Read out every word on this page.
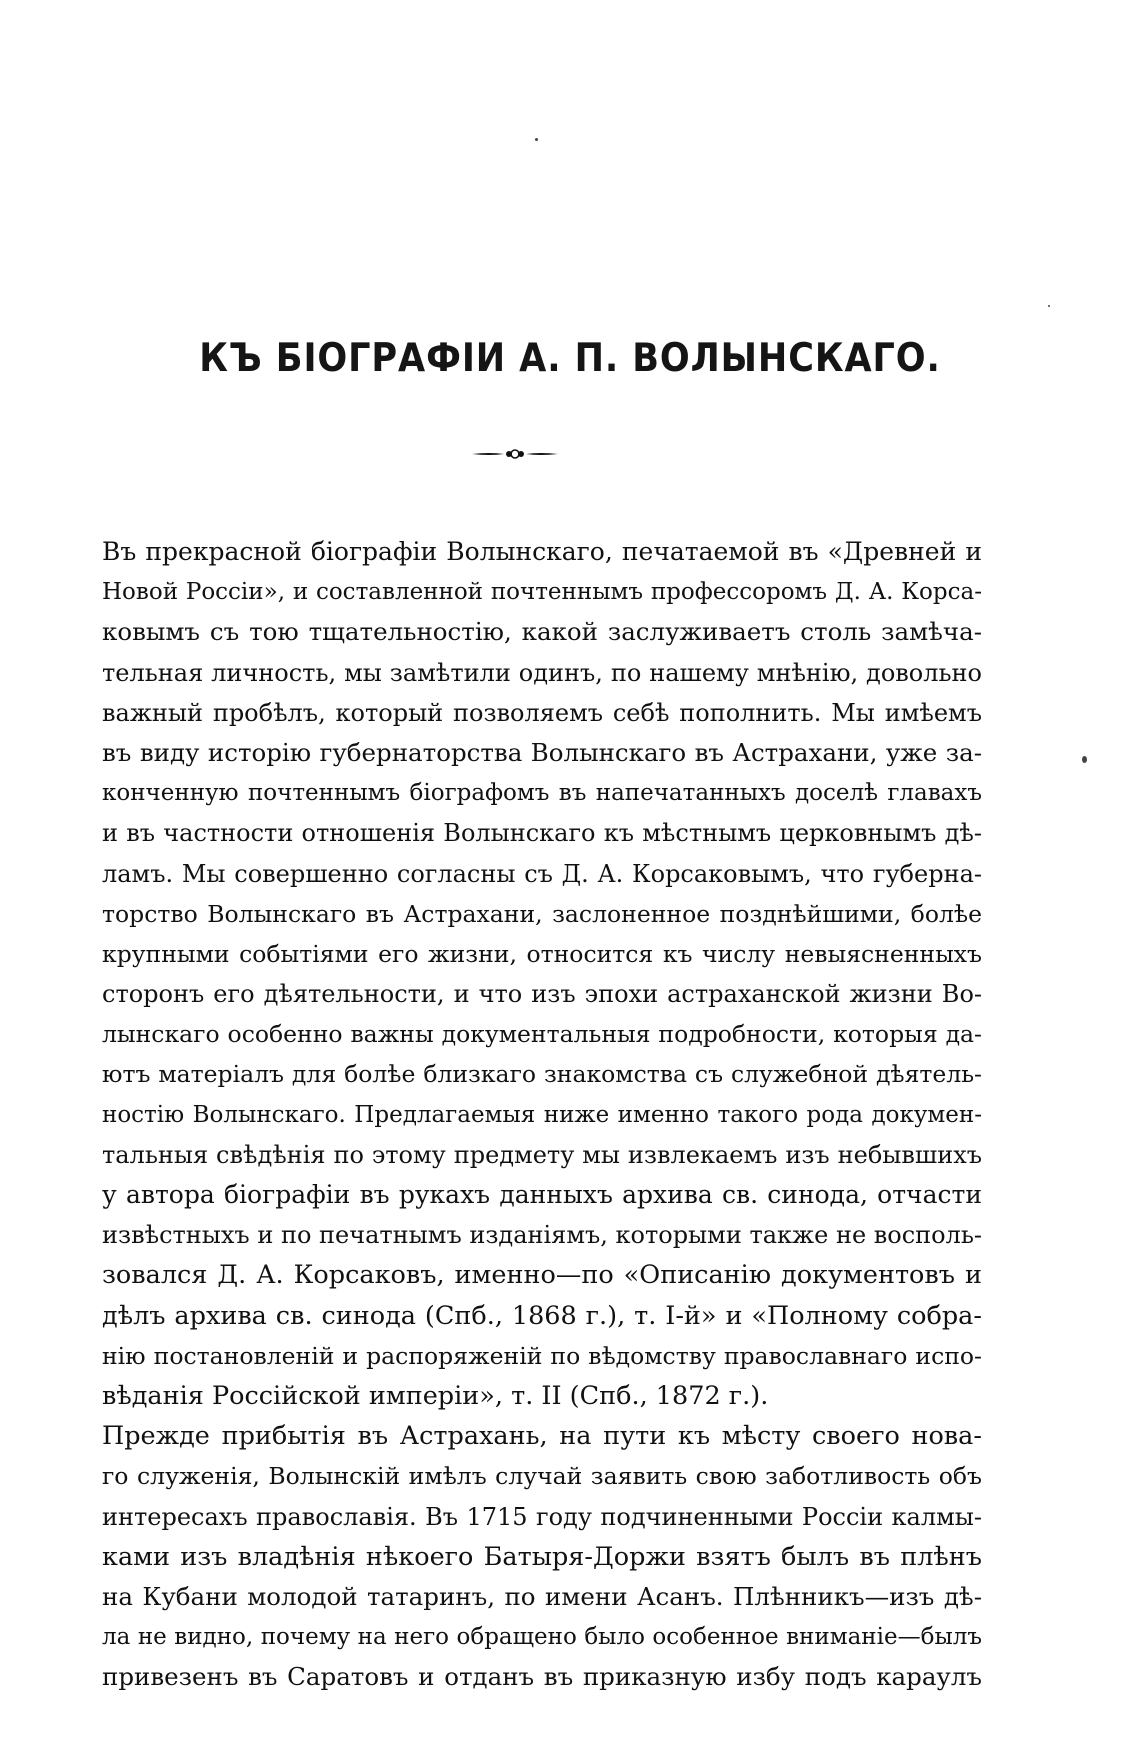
КЪ БІОГРАФІИ А. П. ВОЛЫНСКАГО.
Въ прекрасной біографіи Волынскаго, печатаемой въ «Древней и
Новой Россіи», и составленной почтеннымъ профессоромъ Д. А. Корса-
ковымъ съ тою тщательностію, какой заслуживаетъ столь замѣча-
тельная личность, мы замѣтили одинъ, по нашему мнѣнію, довольно
важный пробѣлъ, который позволяемъ себѣ пополнить. Мы имѣемъ
въ виду исторію губернаторства Волынскаго въ Астрахани, уже за-
конченную почтеннымъ біографомъ въ напечатанныхъ доселѣ главахъ
и въ частности отношенія Волынскаго къ мѣстнымъ церковнымъ дѣ-
ламъ. Мы совершенно согласны съ Д. А. Корсаковымъ, что губерна-
торство Волынскаго въ Астрахани, заслоненное позднѣйшими, болѣе
крупными событіями его жизни, относится къ числу невыясненныхъ
сторонъ его дѣятельности, и что изъ эпохи астраханской жизни Во-
лынскаго особенно важны документальныя подробности, которыя да-
ютъ матеріалъ для болѣе близкаго знакомства съ служебной дѣятель-
ностію Волынскаго. Предлагаемыя ниже именно такого рода докумен-
тальныя свѣдѣнія по этому предмету мы извлекаемъ изъ небывшихъ
у автора біографіи въ рукахъ данныхъ архива св. синода, отчасти
извѣстныхъ и по печатнымъ изданіямъ, которыми также не восполь-
зовался Д. А. Корсаковъ, именно—по «Описанію документовъ и
дѣлъ архива св. синода (Спб., 1868 г.), т. І-й» и «Полному собра-
нію постановленій и распоряженій по вѣдомству православнаго испо-
вѣданія Россійской имперіи», т. II (Спб., 1872 г.).
Прежде прибытія въ Астрахань, на пути къ мѣсту своего нова-
го служенія, Волынскій имѣлъ случай заявить свою заботливость объ
интересахъ православія. Въ 1715 году подчиненными Россіи калмы-
ками изъ владѣнія нѣкоего Батыря-Доржи взятъ былъ въ плѣнъ
на Кубани молодой татаринъ, по имени Асанъ. Плѣнникъ—изъ дѣ-
ла не видно, почему на него обращено было особенное вниманіе—былъ
привезенъ въ Саратовъ и отданъ въ приказную избу подъ караулъ
